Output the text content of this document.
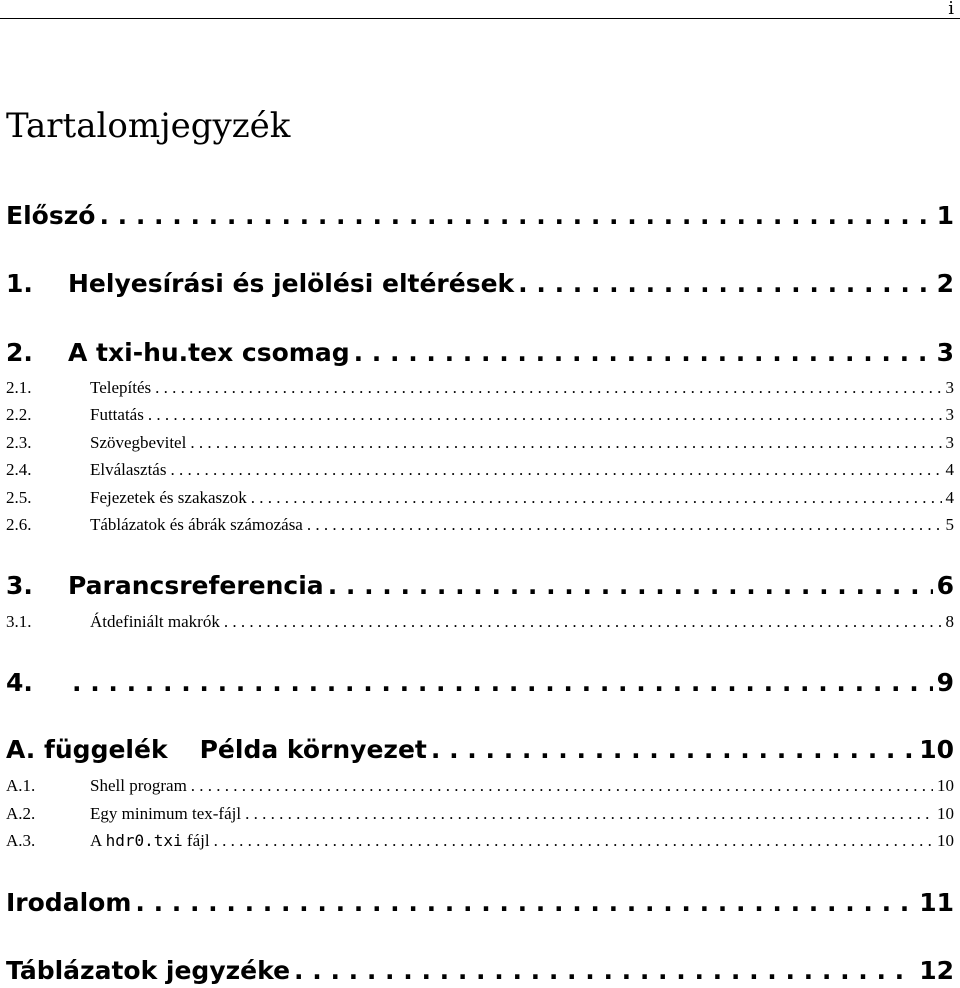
i
Tartalomjegyzék
Előszó . . .	1
1.	Helyesírási és jelölési eltérések . . .	2
2.	A txi-hu.tex csomag . . .	3
2.1.	Telepítés . . .	3
2.2.	Futtatás . . .	3
2.3.	Szövegbevitel . . .	3
2.4.	Elválasztás . . .	4
2.5.	Fejezetek és szakaszok . . .	4
2.6.	Táblázatok és ábrák számozása . . .	5
3.	Parancsreferencia . . .	6
3.1.	Átdefiniált makrók . . .	8
4. . . .	9
A. függelék Példa környezet . . .	10
A.1.	Shell program . . .	10
A.2.	Egy minimum tex-fájl . . .	10
A.3.	A hdr0.txi fájl . . .	10
Irodalom . . .	11
Táblázatok jegyzéke . . .	12
